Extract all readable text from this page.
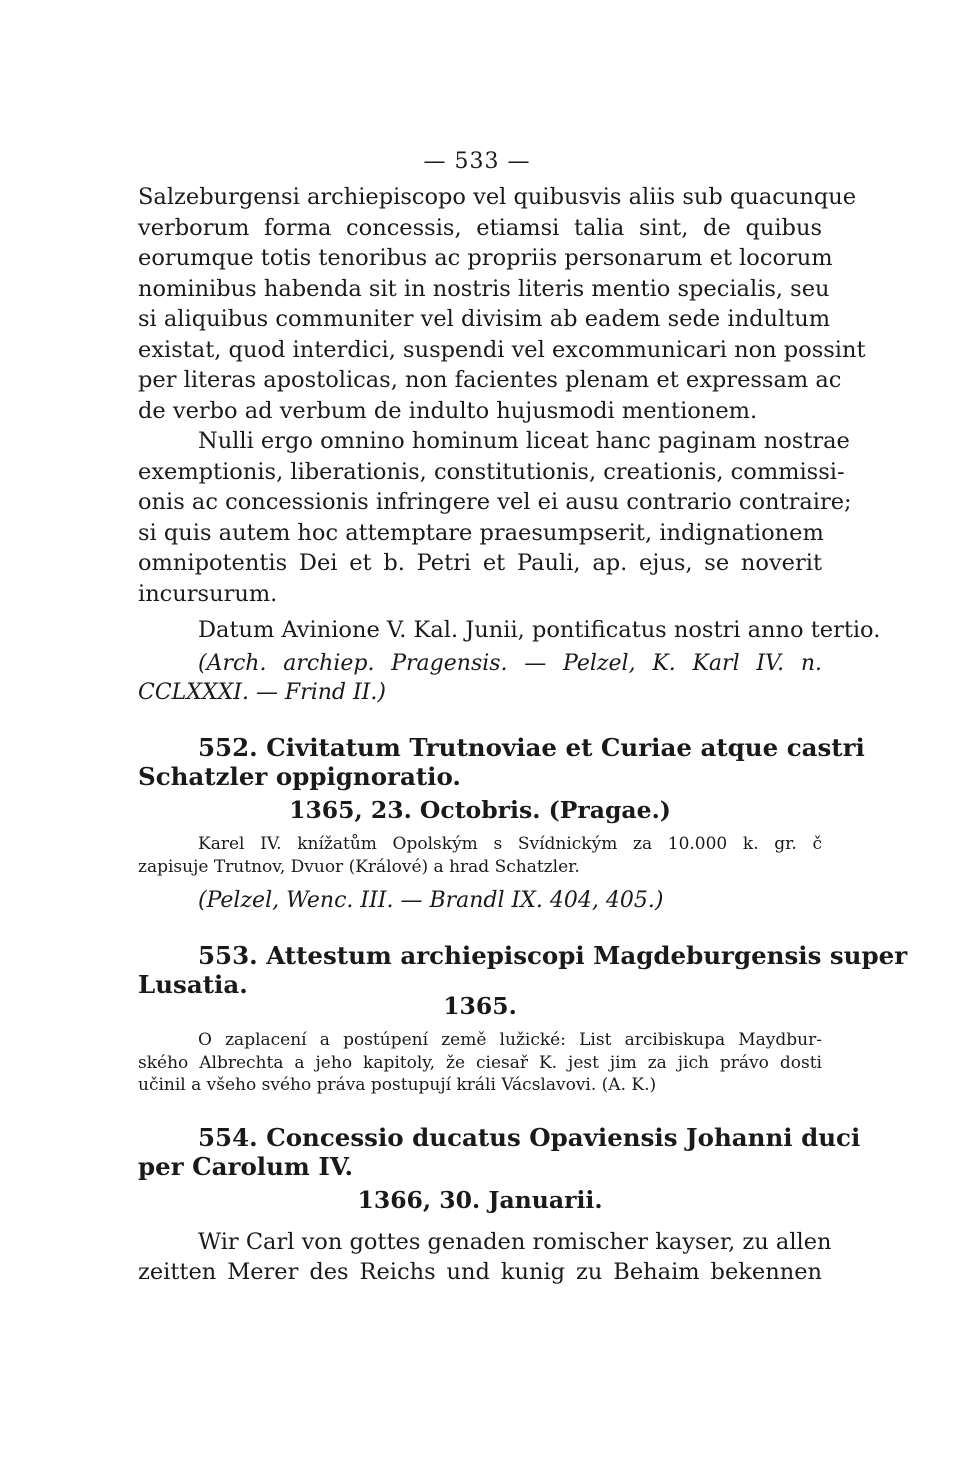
— 533 —
Salzeburgensi archiepiscopo vel quibusvis aliis sub quacunque
verborum forma concessis, etiamsi talia sint, de quibus
eorumque totis tenoribus ac propriis personarum et locorum
nominibus habenda sit in nostris literis mentio specialis, seu
si aliquibus communiter vel divisim ab eadem sede indultum
existat, quod interdici, suspendi vel excommunicari non possint
per literas apostolicas, non facientes plenam et expressam ac
de verbo ad verbum de indulto hujusmodi mentionem.
Nulli ergo omnino hominum liceat hanc paginam nostrae
exemptionis, liberationis, constitutionis, creationis, commissi-
onis ac concessionis infringere vel ei ausu contrario contraire;
si quis autem hoc attemptare praesumpserit, indignationem
omnipotentis Dei et b. Petri et Pauli, ap. ejus, se noverit
incursurum.
Datum Avinione V. Kal. Junii, pontificatus nostri anno tertio.
(Arch. archiep. Pragensis. — Pelzel, K. Karl IV. n.
CCLXXXI. — Frind II.)
552. Civitatum Trutnoviae et Curiae atque castri
Schatzler oppignoratio.
1365, 23. Octobris. (Pragae.)
Karel IV. knížatům Opolským s Svídnickým za 10.000 k. gr. č
zapisuje Trutnov, Dvuor (Králové) a hrad Schatzler.
(Pelzel, Wenc. III. — Brandl IX. 404, 405.)
553. Attestum archiepiscopi Magdeburgensis super
Lusatia.
1365.
O zaplacení a postúpení země lužické: List arcibiskupa Maydbur-
ského Albrechta a jeho kapitoly, že ciesař K. jest jim za jich právo dosti
učinil a všeho svého práva postupují králi Vácslavovi. (A. K.)
554. Concessio ducatus Opaviensis Johanni duci
per Carolum IV.
1366, 30. Januarii.
Wir Carl von gottes genaden romischer kayser, zu allen
zeitten Merer des Reichs und kunig zu Behaim bekennen
